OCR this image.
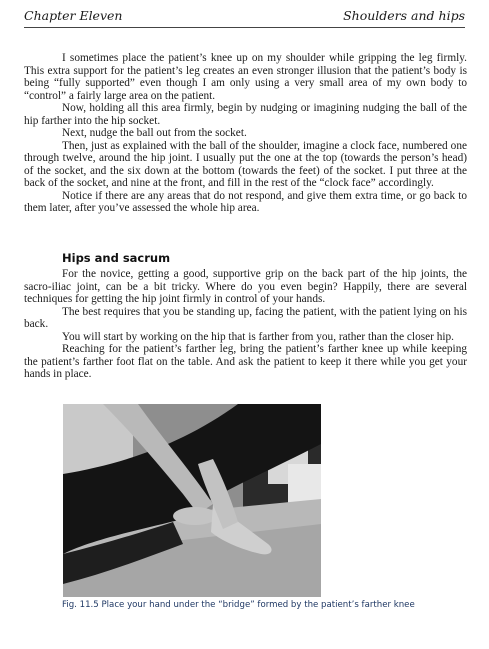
Chapter Eleven	Shoulders and hips

I sometimes place the patient’s knee up on my shoulder while gripping the leg firmly. This extra support for the patient’s leg creates an even stronger illusion that the patient’s body is being “fully supported” even though I am only using a very small area of my own body to “control” a fairly large area on the patient.

Now, holding all this area firmly, begin by nudging or imagining nudging the ball of the hip farther into the hip socket.

Next, nudge the ball out from the socket.

Then, just as explained with the ball of the shoulder, imagine a clock face, numbered one through twelve, around the hip joint. I usually put the one at the top (towards the person’s head) of the socket, and the six down at the bottom (towards the feet) of the socket. I put three at the back of the socket, and nine at the front, and fill in the rest of the “clock face” accordingly.

Notice if there are any areas that do not respond, and give them extra time, or go back to them later, after you’ve assessed the whole hip area.

Hips and sacrum

For the novice, getting a good, supportive grip on the back part of the hip joints, the sacro-iliac joint, can be a bit tricky. Where do you even begin? Happily, there are several techniques for getting the hip joint firmly in control of your hands.

The best requires that you be standing up, facing the patient, with the patient lying on his back.

You will start by working on the hip that is farther from you, rather than the closer hip.

Reaching for the patient’s farther leg, bring the patient’s farther knee up while keeping the patient’s farther foot flat on the table. And ask the patient to keep it there while you get your hands in place.

Fig. 11.5 Place your hand under the “bridge” formed by the patient’s farther knee
